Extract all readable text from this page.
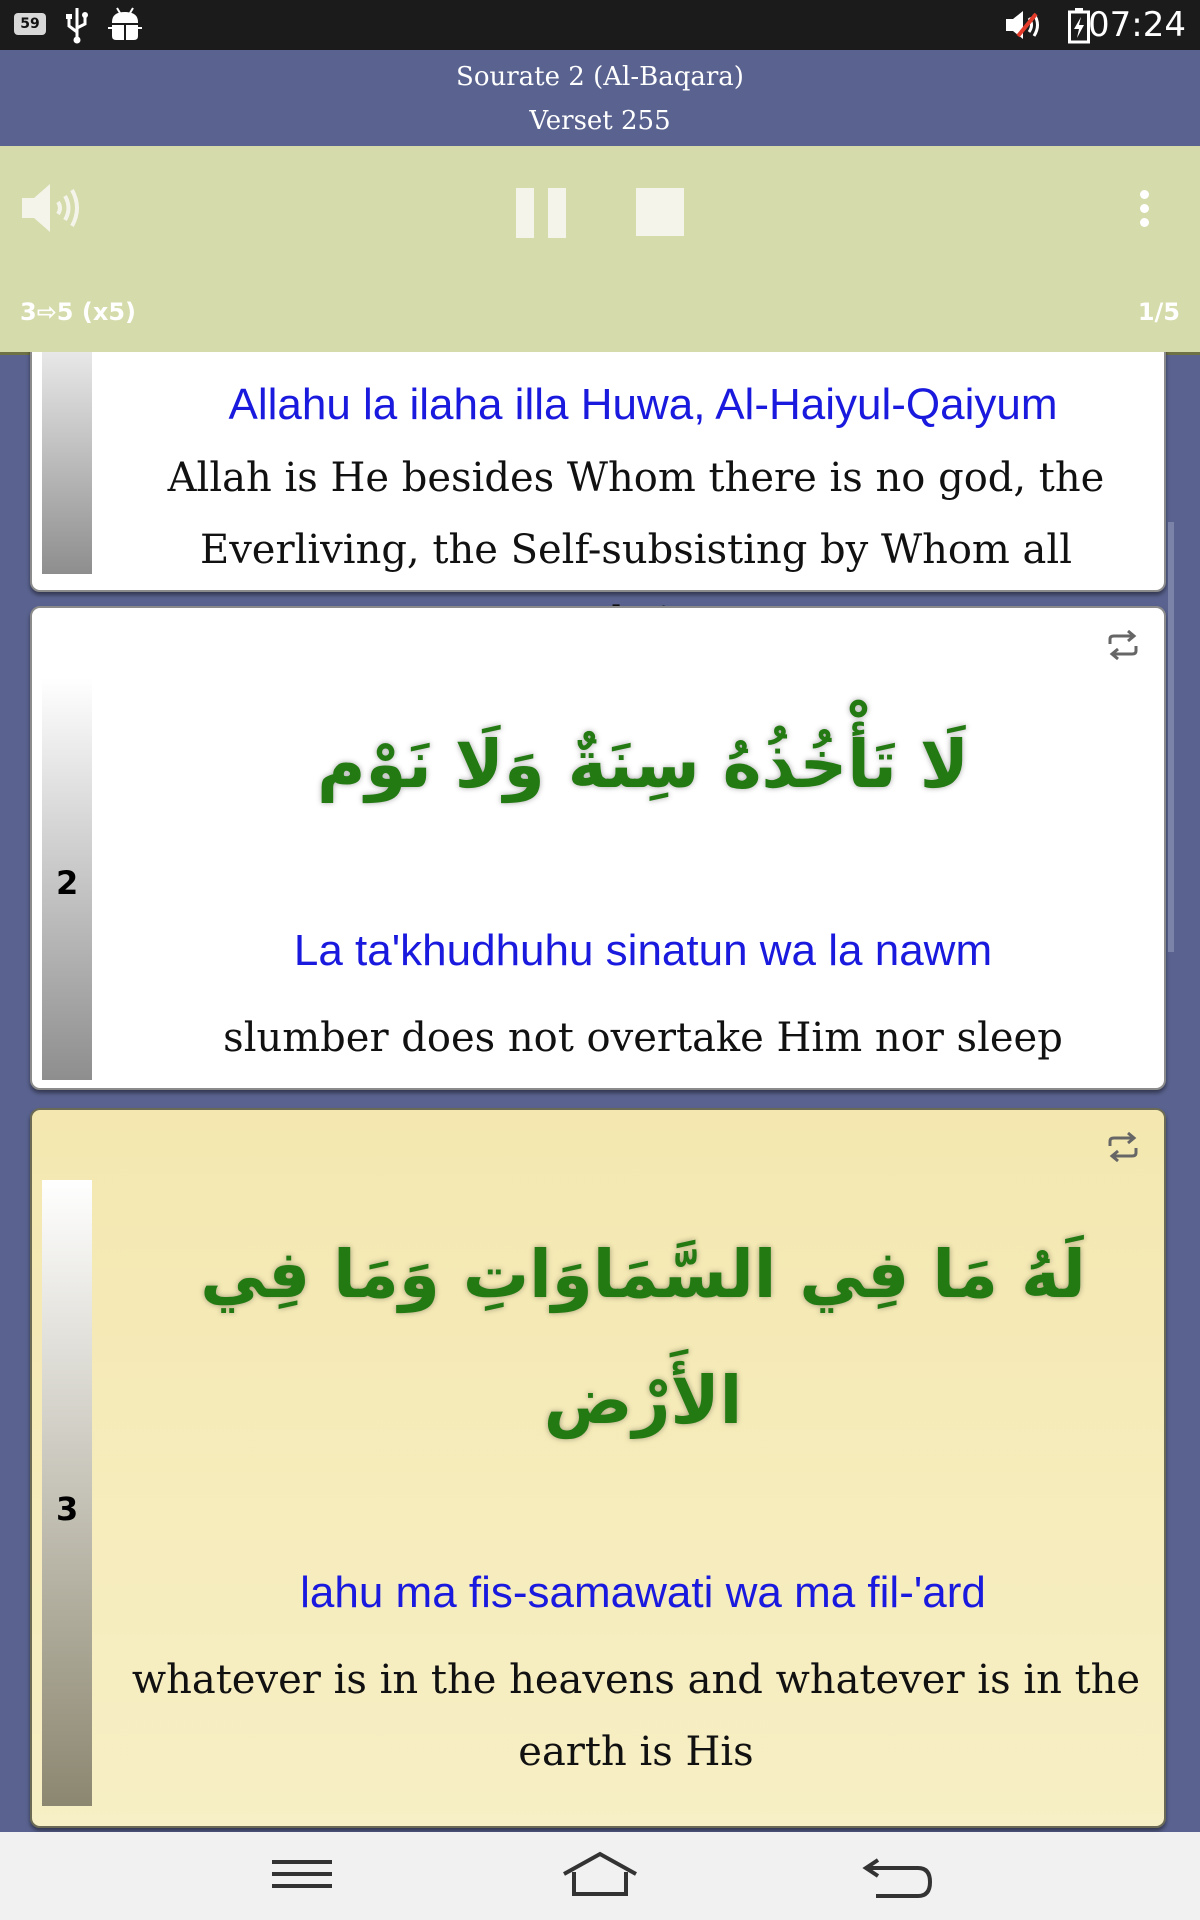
59	07:24
Sourate 2 (Al-Baqara)
Verset 255
3⇨5 (x5)	1/5
Allahu la ilaha illa Huwa, Al-Haiyul-Qaiyum
Allah is He besides Whom there is no god, the Everliving, the Self-subsisting by Whom all
2
لَا تَأْخُذُهُ سِنَةٌ وَلَا نَوْم
La ta'khudhuhu sinatun wa la nawm
slumber does not overtake Him nor sleep
3
لَهُ مَا فِي السَّمَاوَاتِ وَمَا فِي
الأَرْض
lahu ma fis-samawati wa ma fil-'ard
whatever is in the heavens and whatever is in the earth is His
